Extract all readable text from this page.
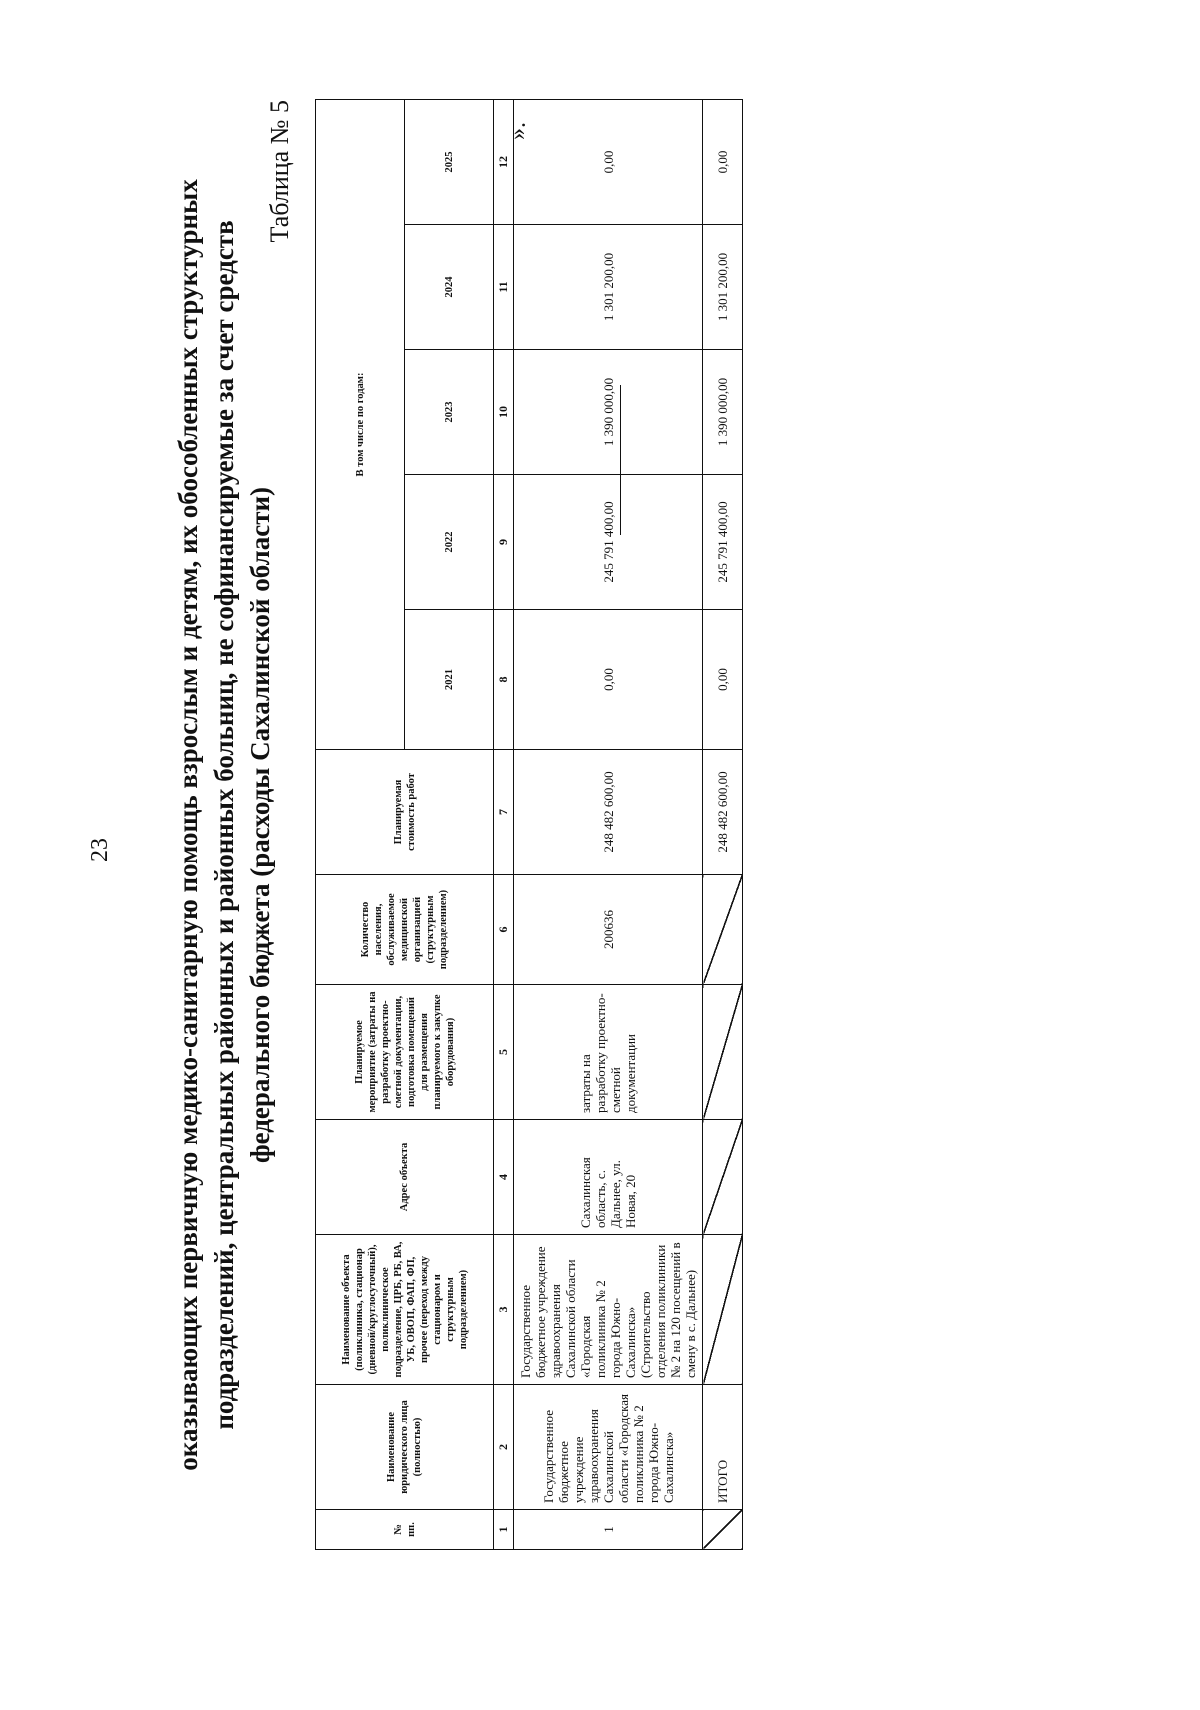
23 оказывающих первичную медико-санитарную помощь взрослым и детям, их обособленных структурных подразделений, центральных районных и районных больниц, не софинансируемые за счет средств федерального бюджета (расходы Сахалинской области)
Таблица № 5
№ пп.	Наименование юридического лица (полностью)	Наименование объекта (поликлиника, стационар (дневной/круглосуточный), поликлиническое подразделение, ЦРБ, РБ, ВА, УБ, ОВОП, ФАП, ФП, прочее (переход между стационаром и структурным подразделением)	Адрес объекта	Планируемое мероприятие (затраты на разработку проектно-сметной документации, подготовка помещений для размещения планируемого к закупке оборудования)	Количество населения, обслуживаемое медицинской организацией (структурным подразделением)	Планируемая стоимость работ	В том числе по годам:				
							2021	2022	2023	2024	2025
1	2	3	4	5	6	7	8	9	10	11	12
1	Государственное бюджетное учреждение здравоохранения Сахалинской области «Городская поликлиника № 2 города Южно-Сахалинска»	Государственное бюджетное учреждение здравоохранения Сахалинской области «Городская поликлиника № 2 города Южно-Сахалинска» (Строительство отделения поликлиники № 2 на 120 посещений в смену в с. Дальнее)	Сахалинская область, с. Дальнее, ул. Новая, 20	затраты на разработку проектно-сметной документации	200636	248 482 600,00	0,00	245 791 400,00	1 390 000,00	1 301 200,00	0,00
	ИТОГО					248 482 600,00	0,00	245 791 400,00	1 390 000,00	1 301 200,00	0,00
».
